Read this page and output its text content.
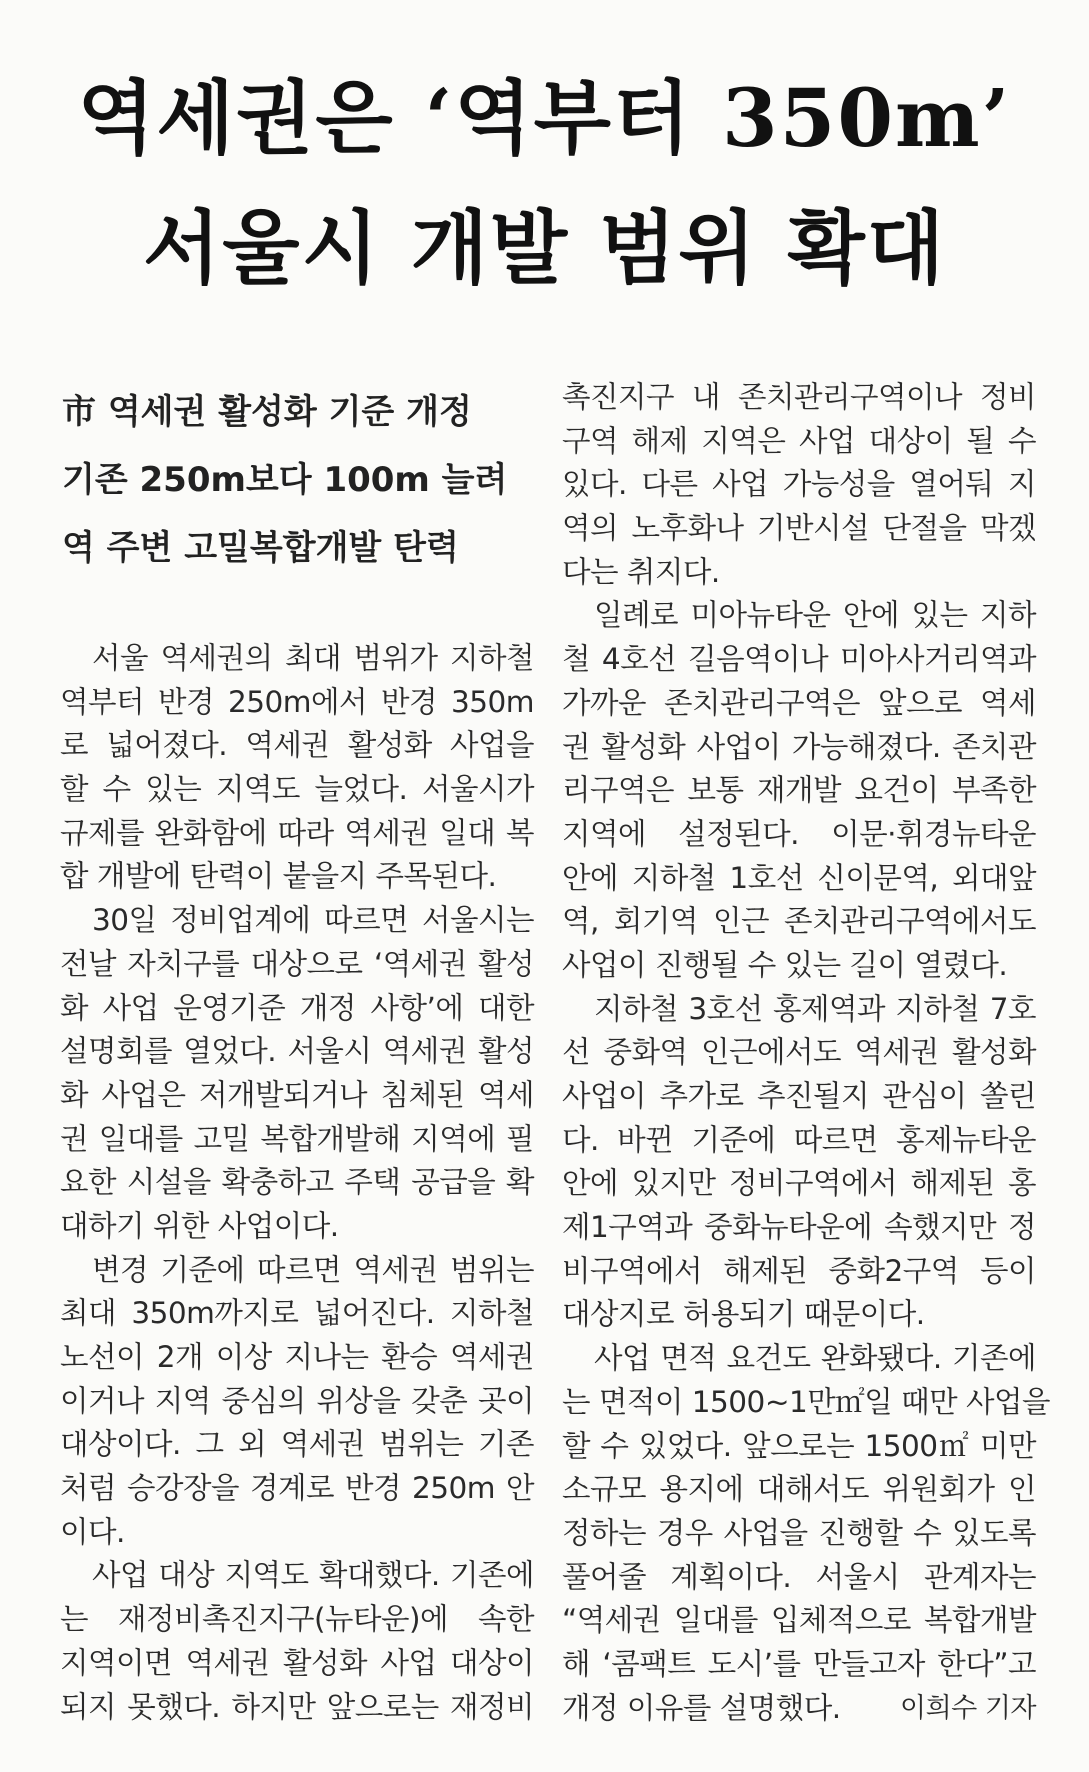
역세권은 ‘역부터 350m’
서울시 개발 범위 확대
市 역세권 활성화 기준 개정
기존 250m보다 100m 늘려
역 주변 고밀복합개발 탄력
서울 역세권의 최대 범위가 지하철
역부터 반경 250m에서 반경 350m
로 넓어졌다. 역세권 활성화 사업을
할 수 있는 지역도 늘었다. 서울시가
규제를 완화함에 따라 역세권 일대 복
합 개발에 탄력이 붙을지 주목된다.
30일 정비업계에 따르면 서울시는
전날 자치구를 대상으로 ‘역세권 활성
화 사업 운영기준 개정 사항’에 대한
설명회를 열었다. 서울시 역세권 활성
화 사업은 저개발되거나 침체된 역세
권 일대를 고밀 복합개발해 지역에 필
요한 시설을 확충하고 주택 공급을 확
대하기 위한 사업이다.
변경 기준에 따르면 역세권 범위는
최대 350m까지로 넓어진다. 지하철
노선이 2개 이상 지나는 환승 역세권
이거나 지역 중심의 위상을 갖춘 곳이
대상이다. 그 외 역세권 범위는 기존
처럼 승강장을 경계로 반경 250m 안
이다.
사업 대상 지역도 확대했다. 기존에
는 재정비촉진지구(뉴타운)에 속한
지역이면 역세권 활성화 사업 대상이
되지 못했다. 하지만 앞으로는 재정비
촉진지구 내 존치관리구역이나 정비
구역 해제 지역은 사업 대상이 될 수
있다. 다른 사업 가능성을 열어둬 지
역의 노후화나 기반시설 단절을 막겠
다는 취지다.
일례로 미아뉴타운 안에 있는 지하
철 4호선 길음역이나 미아사거리역과
가까운 존치관리구역은 앞으로 역세
권 활성화 사업이 가능해졌다. 존치관
리구역은 보통 재개발 요건이 부족한
지역에 설정된다. 이문·휘경뉴타운
안에 지하철 1호선 신이문역, 외대앞
역, 회기역 인근 존치관리구역에서도
사업이 진행될 수 있는 길이 열렸다.
지하철 3호선 홍제역과 지하철 7호
선 중화역 인근에서도 역세권 활성화
사업이 추가로 추진될지 관심이 쏠린
다. 바뀐 기준에 따르면 홍제뉴타운
안에 있지만 정비구역에서 해제된 홍
제1구역과 중화뉴타운에 속했지만 정
비구역에서 해제된 중화2구역 등이
대상지로 허용되기 때문이다.
사업 면적 요건도 완화됐다. 기존에
는 면적이 1500~1만㎡일 때만 사업을
할 수 있었다. 앞으로는 1500㎡ 미만
소규모 용지에 대해서도 위원회가 인
정하는 경우 사업을 진행할 수 있도록
풀어줄 계획이다. 서울시 관계자는
“역세권 일대를 입체적으로 복합개발
해 ‘콤팩트 도시’를 만들고자 한다”고
개정 이유를 설명했다. 이희수 기자
